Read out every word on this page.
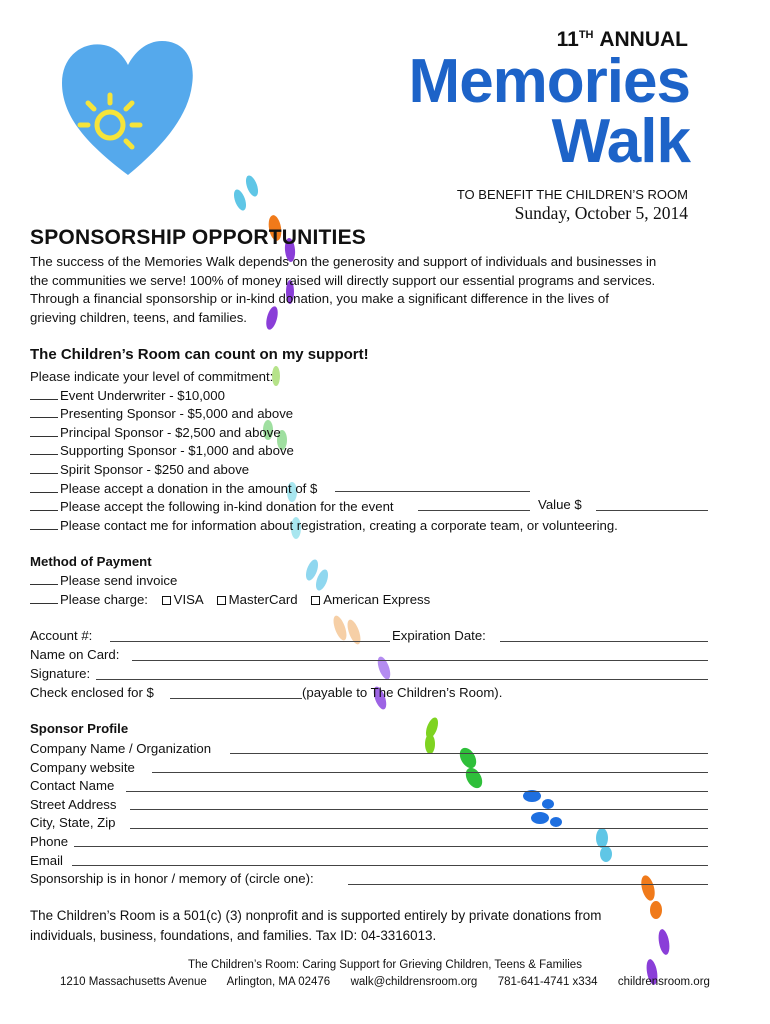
11TH ANNUAL
Memories
Walk
TO BENEFIT THE CHILDREN’S ROOM
Sunday, October 5, 2014
SPONSORSHIP OPPORTUNITIES
The success of the Memories Walk depends on the generosity and support of individuals and businesses in
the communities we serve! 100% of money raised will directly support our essential programs and services.
Through a financial sponsorship or in-kind donation, you make a significant difference in the lives of
grieving children, teens, and families.
The Children’s Room can count on my support!
Please indicate your level of commitment:
Event Underwriter - $10,000
Presenting Sponsor - $5,000 and above
Principal Sponsor - $2,500 and above
Supporting Sponsor - $1,000 and above
Spirit Sponsor - $250 and above
Please accept a donation in the amount of $
Please accept the following in-kind donation for the event
Please contact me for information about registration, creating a corporate team, or volunteering.
Value $
Method of Payment
Please send invoice
Please charge: VISA MasterCard American Express
Account #:	Expiration Date:
Name on Card:
Signature:
Check enclosed for $	(payable to The Children’s Room).
Sponsor Profile
Company Name / Organization
Company website
Contact Name
Street Address
City, State, Zip
Phone
Email
Sponsorship is in honor / memory of (circle one):
The Children’s Room is a 501(c) (3) nonprofit and is supported entirely by private donations from
individuals, business, foundations, and families. Tax ID: 04-3316013.
The Children’s Room: Caring Support for Grieving Children, Teens & Families
1210 Massachusetts Avenue Arlington, MA 02476 walk@childrensroom.org 781-641-4741 x334 childrensroom.org
